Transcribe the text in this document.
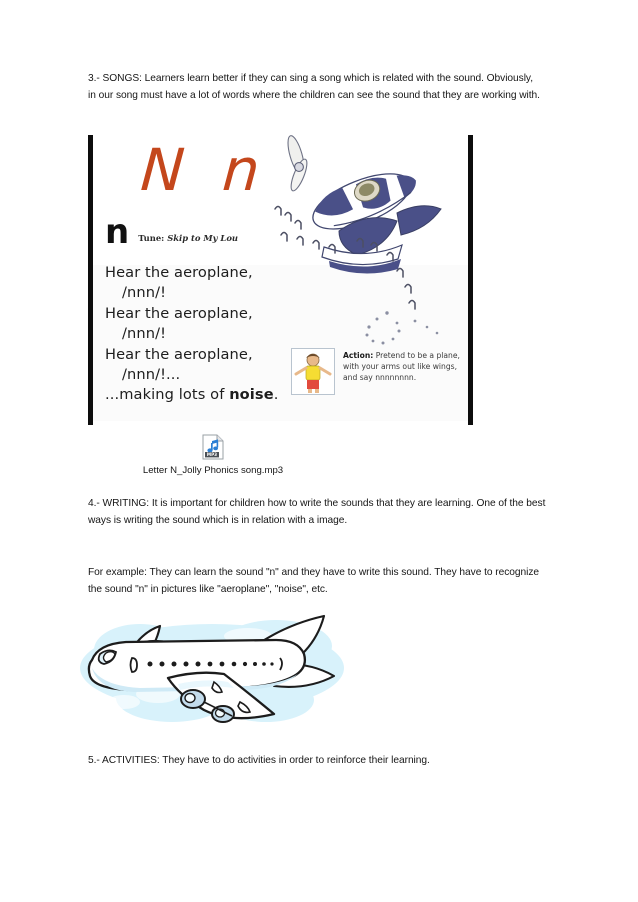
3.- SONGS: Learners learn better if they can sing a song which is related with the sound. Obviously, in our song must have a lot of words where the children can see the sound that they are working with.
N n
n Tune: Skip to My Lou
Hear the aeroplane,
/nnn/!
Hear the aeroplane,
/nnn/!
Hear the aeroplane,
/nnn/!...
...making lots of noise.
Action: Pretend to be a plane, with your arms out like wings, and say nnnnnnnn.
MP3
Letter N_Jolly Phonics song.mp3
4.- WRITING: It is important for children how to write the sounds that they are learning. One of the best ways is writing the sound which is in relation with a image.
For example: They can learn the sound "n" and they have to write this sound. They have to recognize the sound "n" in pictures like "aeroplane", "noise", etc.
5.- ACTIVITIES: They have to do activities in order to reinforce their learning.
